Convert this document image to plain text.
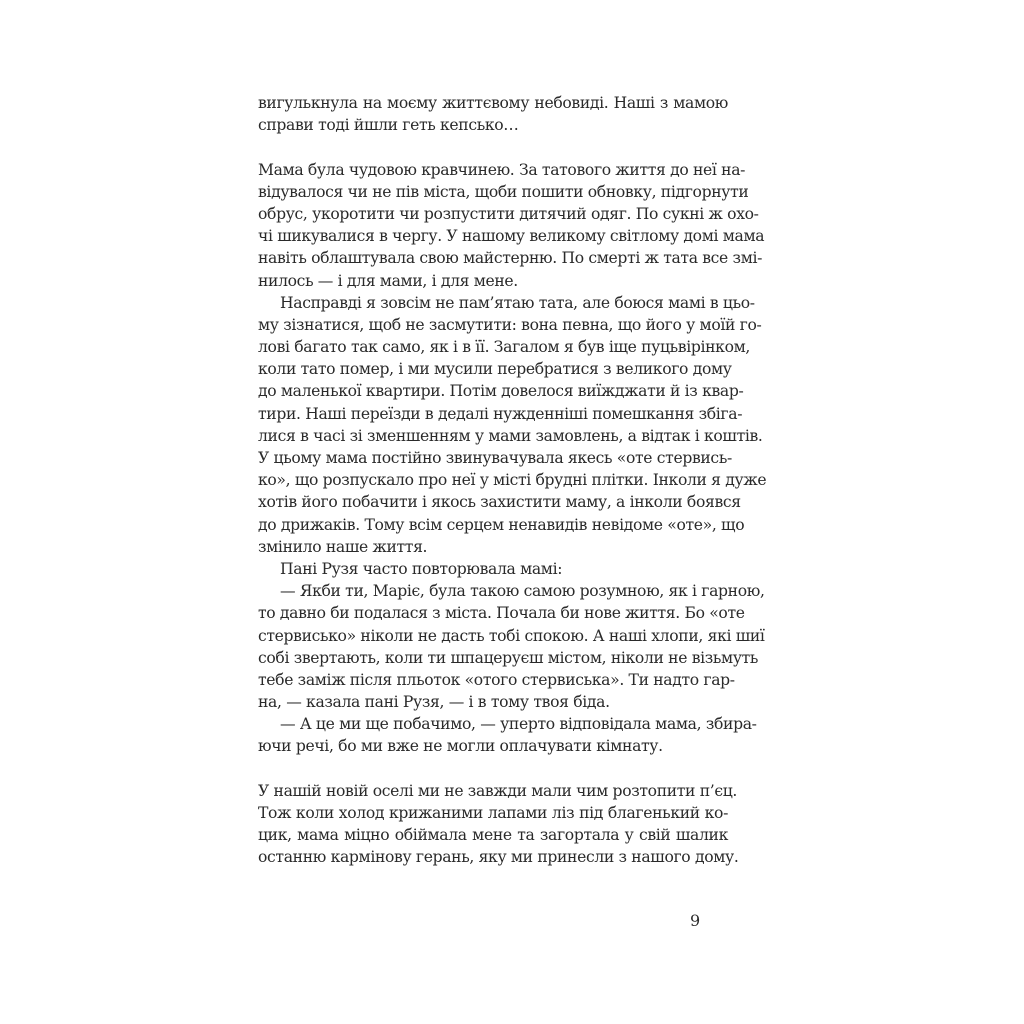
вигулькнула на моєму життєвому небовиді. Наші з мамою
справи тоді йшли геть кепсько…
Мама була чудовою кравчинею. За татового життя до неї на-
відувалося чи не пів міста, щоби пошити обновку, підгорнути
обрус, укоротити чи розпустити дитячий одяг. По сукні ж охо-
чі шикувалися в чергу. У нашому великому світлому домі мама
навіть облаштувала свою майстерню. По смерті ж тата все змі-
нилось — і для мами, і для мене.
Насправді я зовсім не пам’ятаю тата, але боюся мамі в цьо-
му зізнатися, щоб не засмутити: вона певна, що його у моїй го-
лові багато так само, як і в її. Загалом я був іще пуцьвірінком,
коли тато помер, і ми мусили перебратися з великого дому
до маленької квартири. Потім довелося виїжджати й із квар-
тири. Наші переїзди в дедалі нужденніші помешкання збіга-
лися в часі зі зменшенням у мами замовлень, а відтак і коштів.
У цьому мама постійно звинувачувала якесь «оте стервись-
ко», що розпускало про неї у місті брудні плітки. Інколи я дуже
хотів його побачити і якось захистити маму, а інколи боявся
до дрижаків. Тому всім серцем ненавидів невідоме «оте», що
змінило наше життя.
Пані Рузя часто повторювала мамі:
— Якби ти, Маріє, була такою самою розумною, як і гарною,
то давно би подалася з міста. Почала би нове життя. Бо «оте
стервисько» ніколи не дасть тобі спокою. А наші хлопи, які шиї
собі звертають, коли ти шпацеруєш містом, ніколи не візьмуть
тебе заміж після пльоток «отого стервиська». Ти надто гар-
на, — казала пані Рузя, — і в тому твоя біда.
— А це ми ще побачимо, — уперто відповідала мама, збира-
ючи речі, бо ми вже не могли оплачувати кімнату.
У нашій новій оселі ми не завжди мали чим розтопити п’єц.
Тож коли холод крижаними лапами ліз під благенький ко-
цик, мама міцно обіймала мене та загортала у свій шалик
останню кармінову герань, яку ми принесли з нашого дому.
9
